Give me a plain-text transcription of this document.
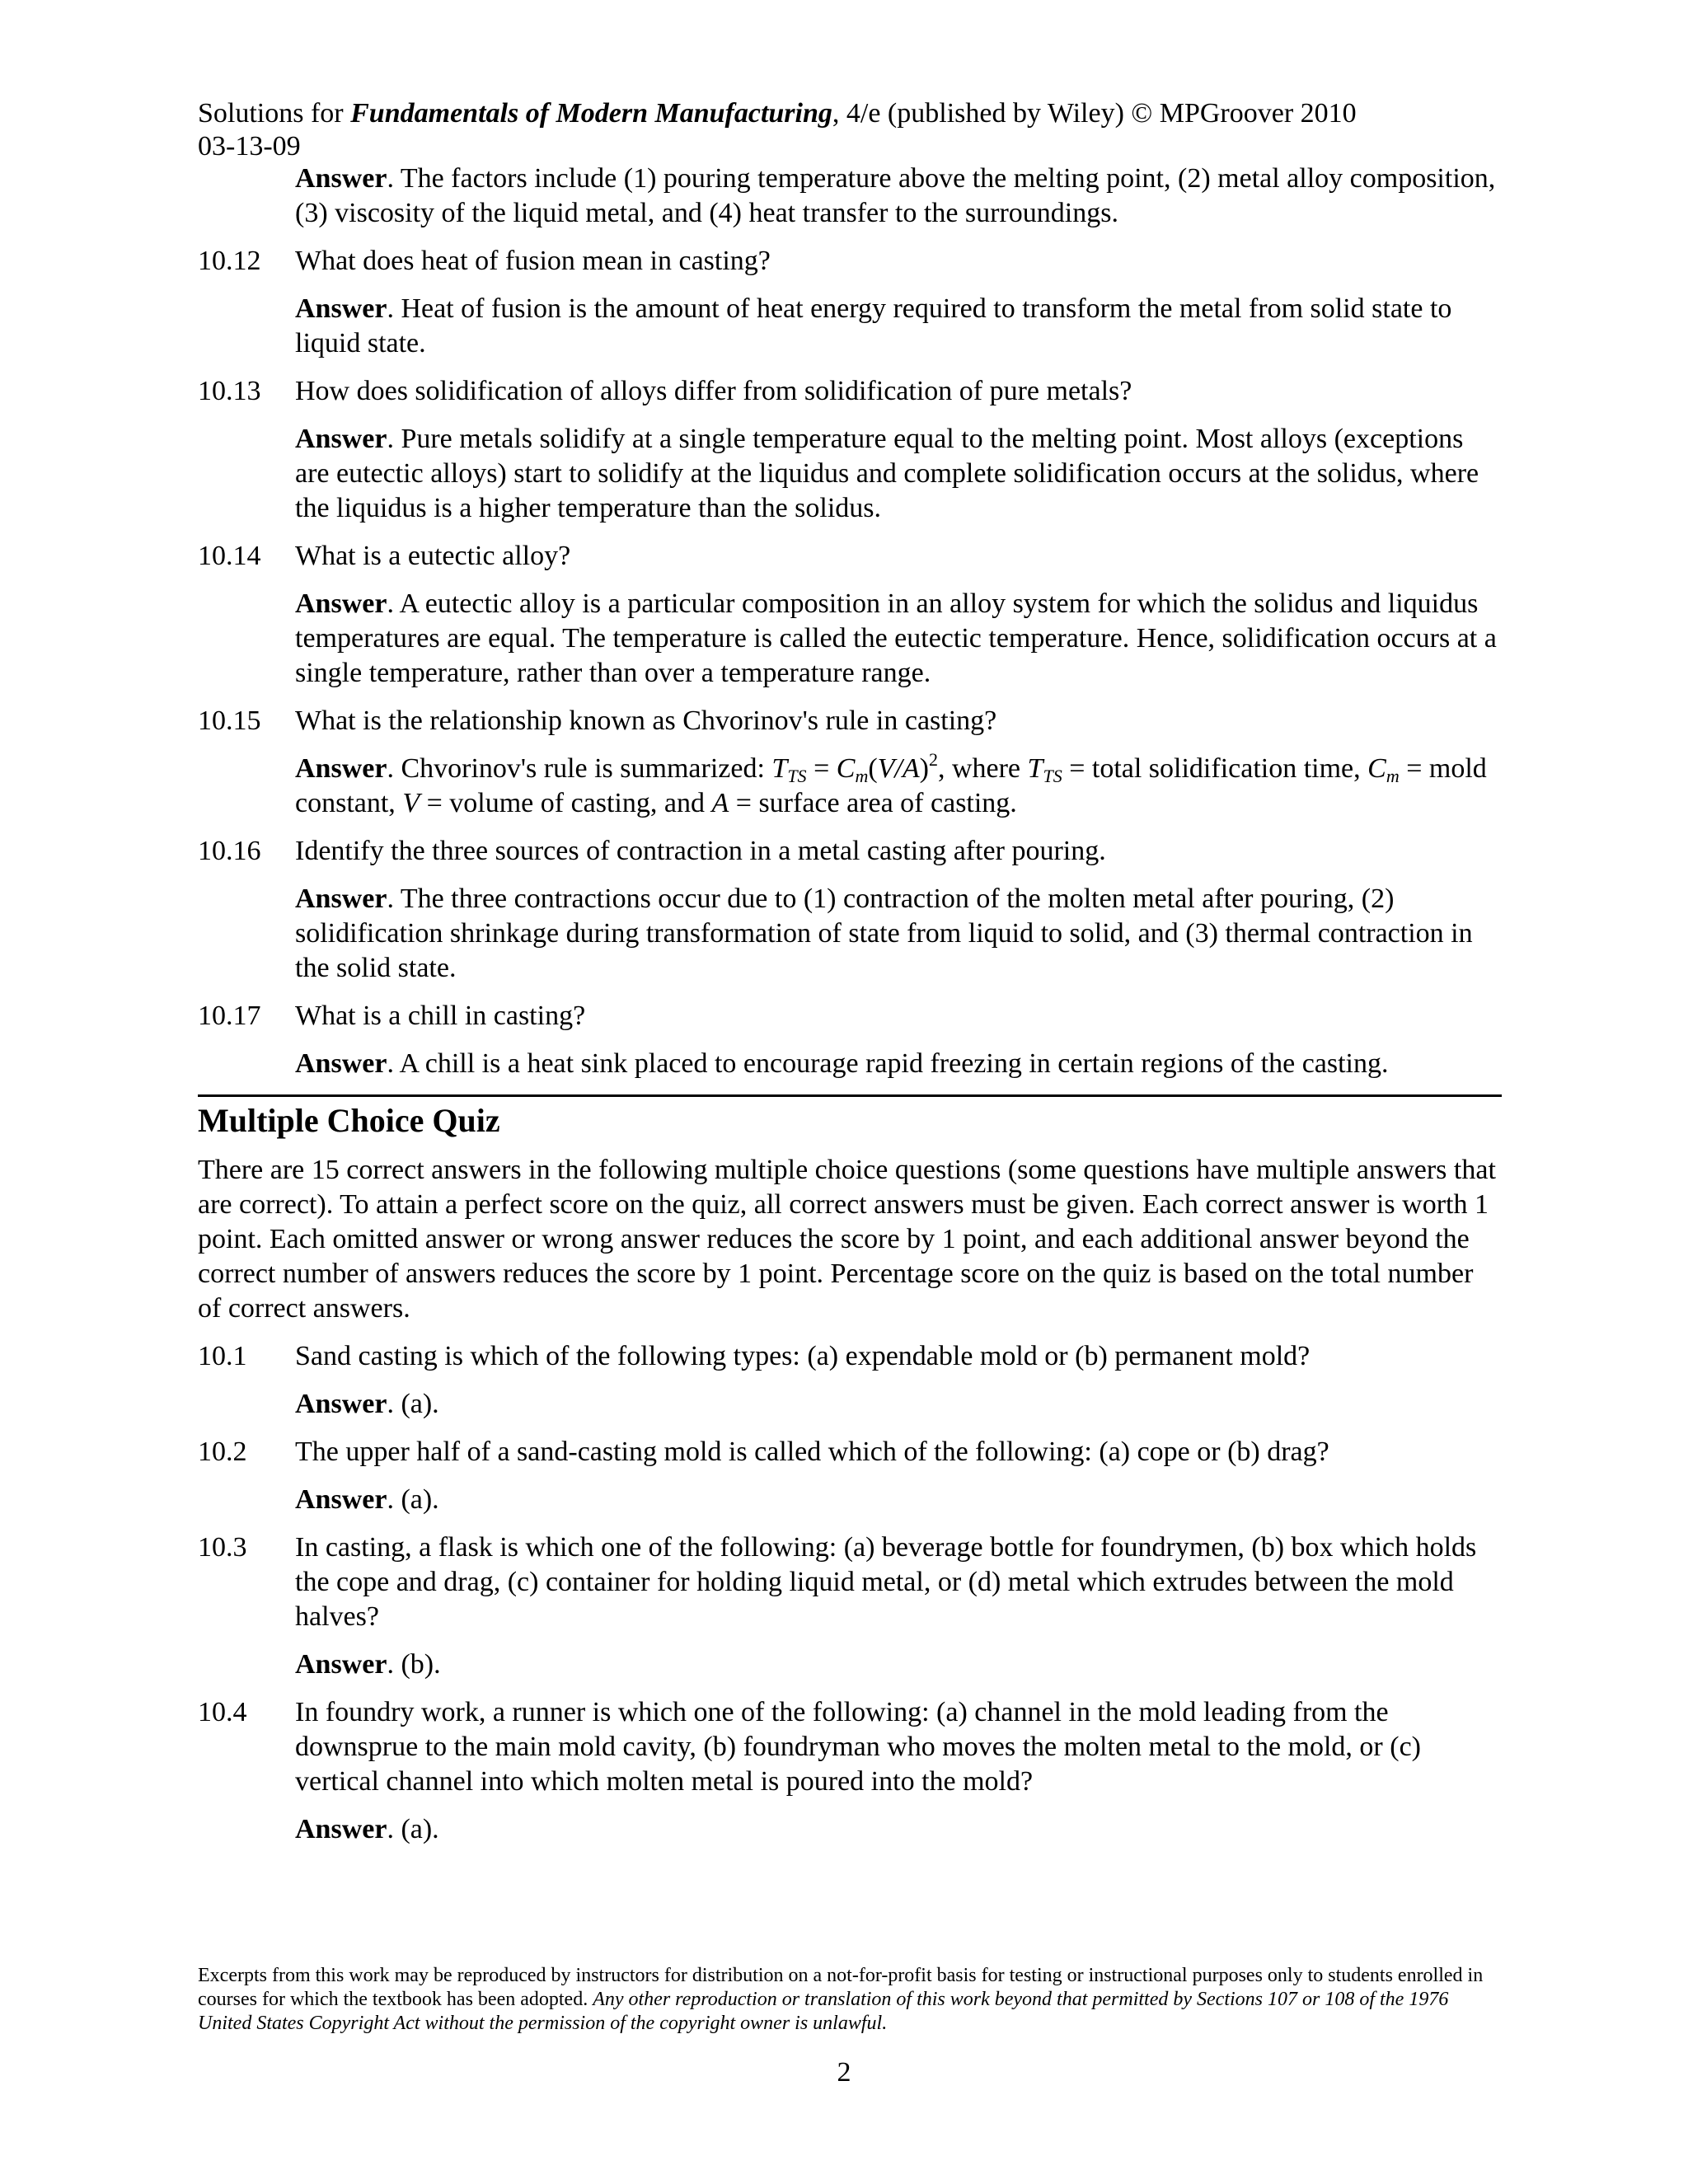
Solutions for Fundamentals of Modern Manufacturing, 4/e (published by Wiley) © MPGroover 2010
03-13-09
Answer. The factors include (1) pouring temperature above the melting point, (2) metal alloy composition, (3) viscosity of the liquid metal, and (4) heat transfer to the surroundings.
10.12	What does heat of fusion mean in casting?
Answer. Heat of fusion is the amount of heat energy required to transform the metal from solid state to liquid state.
10.13	How does solidification of alloys differ from solidification of pure metals?
Answer. Pure metals solidify at a single temperature equal to the melting point. Most alloys (exceptions are eutectic alloys) start to solidify at the liquidus and complete solidification occurs at the solidus, where the liquidus is a higher temperature than the solidus.
10.14	What is a eutectic alloy?
Answer. A eutectic alloy is a particular composition in an alloy system for which the solidus and liquidus temperatures are equal. The temperature is called the eutectic temperature. Hence, solidification occurs at a single temperature, rather than over a temperature range.
10.15	What is the relationship known as Chvorinov's rule in casting?
Answer. Chvorinov's rule is summarized: $T_{TS} = C_m(V/A)^2$, where $T_{TS}$ = total solidification time, $C_m$ = mold constant, V = volume of casting, and A = surface area of casting.
10.16	Identify the three sources of contraction in a metal casting after pouring.
Answer. The three contractions occur due to (1) contraction of the molten metal after pouring, (2) solidification shrinkage during transformation of state from liquid to solid, and (3) thermal contraction in the solid state.
10.17	What is a chill in casting?
Answer. A chill is a heat sink placed to encourage rapid freezing in certain regions of the casting.
Multiple Choice Quiz
There are 15 correct answers in the following multiple choice questions (some questions have multiple answers that are correct). To attain a perfect score on the quiz, all correct answers must be given. Each correct answer is worth 1 point. Each omitted answer or wrong answer reduces the score by 1 point, and each additional answer beyond the correct number of answers reduces the score by 1 point. Percentage score on the quiz is based on the total number of correct answers.
10.1	Sand casting is which of the following types: (a) expendable mold or (b) permanent mold?
Answer. (a).
10.2	The upper half of a sand-casting mold is called which of the following: (a) cope or (b) drag?
Answer. (a).
10.3	In casting, a flask is which one of the following: (a) beverage bottle for foundrymen, (b) box which holds the cope and drag, (c) container for holding liquid metal, or (d) metal which extrudes between the mold halves?
Answer. (b).
10.4	In foundry work, a runner is which one of the following: (a) channel in the mold leading from the downsprue to the main mold cavity, (b) foundryman who moves the molten metal to the mold, or (c) vertical channel into which molten metal is poured into the mold?
Answer. (a).
Excerpts from this work may be reproduced by instructors for distribution on a not-for-profit basis for testing or instructional purposes only to students enrolled in courses for which the textbook has been adopted. Any other reproduction or translation of this work beyond that permitted by Sections 107 or 108 of the 1976 United States Copyright Act without the permission of the copyright owner is unlawful.
2
